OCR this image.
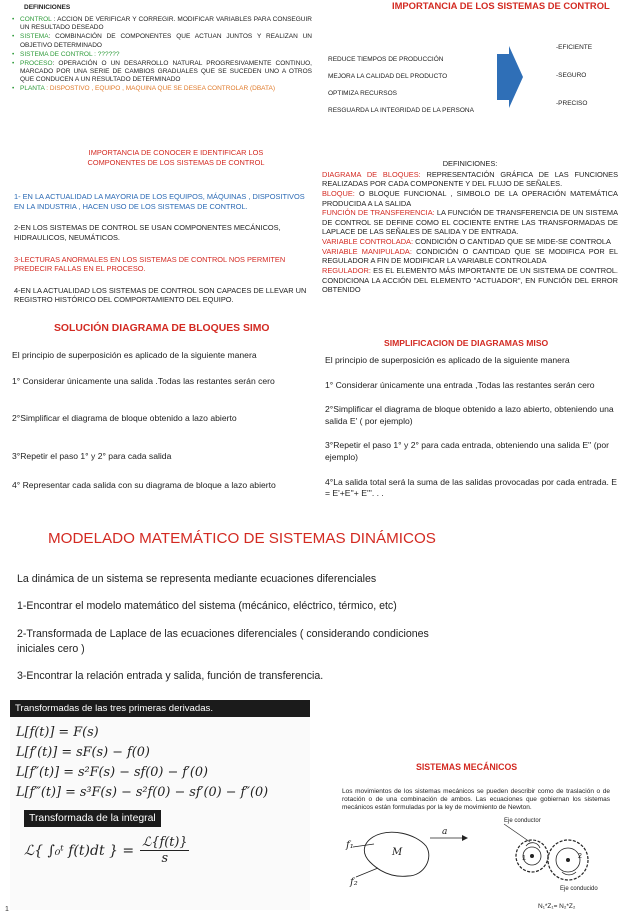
DEFINICIONES
• CONTROL : ACCION DE VERIFICAR Y CORREGIR. MODIFICAR VARIABLES PARA CONSEGUIR UN RESULTADO DESEADO
• SISTEMA: COMBINACIÓN DE COMPONENTES QUE ACTUAN JUNTOS Y REALIZAN UN OBJETIVO DETERMINADO
• SISTEMA DE CONTROL : ??????
• PROCESO: OPERACIÓN O UN DESARROLLO NATURAL PROGRESIVAMENTE CONTINUO, MARCADO POR UNA SERIE DE CAMBIOS GRADUALES QUE SE SUCEDEN UNO A OTROS QUE CONDUCEN A UN RESULTADO DETERMINADO
• PLANTA : DISPOSTIVO , EQUIPO , MAQUINA QUE SE DESEA CONTROLAR (DBATA)
IMPORTANCIA DE LOS SISTEMAS DE CONTROL
REDUCE TIEMPOS DE PRODUCCIÓN
MEJORA LA CALIDAD DEL PRODUCTO
OPTIMIZA RECURSOS
RESGUARDA LA INTEGRIDAD DE LA PERSONA
-EFICIENTE
-SEGURO
-PRECISO
IMPORTANCIA DE CONOCER E IDENTIFICAR LOS COMPONENTES DE LOS SISTEMAS DE CONTROL
1- EN LA ACTUALIDAD LA MAYORIA DE LOS EQUIPOS, MÁQUINAS , DISPOSITIVOS EN LA INDUSTRIA , HACEN USO DE LOS SISTEMAS DE CONTROL.
2-EN LOS SISTEMAS DE CONTROL SE USAN COMPONENTES MECÁNICOS, HIDRAULICOS, NEUMÁTICOS.
3-LECTURAS ANORMALES EN LOS SISTEMAS DE CONTROL NOS PERMITEN PREDECIR FALLAS EN EL PROCESO.
4-EN LA ACTUALIDAD LOS SISTEMAS DE CONTROL SON CAPACES DE LLEVAR UN REGISTRO HISTÓRICO DEL COMPORTAMIENTO DEL EQUIPO.
DEFINICIONES:
DIAGRAMA DE BLOQUES: REPRESENTACIÓN GRÁFICA DE LAS FUNCIONES REALIZADAS POR CADA COMPONENTE Y DEL FLUJO DE SEÑALES.
BLOQUE: O BLOQUE FUNCIONAL , SIMBOLO DE LA OPERACIÓN MATEMÁTICA PRODUCIDA A LA SALIDA
FUNCIÓN DE TRANSFERENCIA: LA FUNCIÓN DE TRANSFERENCIA DE UN SISTEMA DE CONTROL SE DEFINE COMO EL COCIENTE ENTRE LAS TRANSFORMADAS DE LAPLACE DE LAS SEÑALES DE SALIDA Y DE ENTRADA.
VARIABLE CONTROLADA: CONDICIÓN O CANTIDAD QUE SE MIDE-SE CONTROLA
VARIABLE MANIPULADA: CONDICIÓN O CANTIDAD QUE SE MODIFICA POR EL REGULADOR A FIN DE MODIFICAR LA VARIABLE CONTROLADA
REGULADOR: ES EL ELEMENTO MÁS IMPORTANTE DE UN SISTEMA DE CONTROL. CONDICIONA LA ACCIÓN DEL ELEMENTO "ACTUADOR", EN FUNCIÓN DEL ERROR OBTENIDO
SOLUCIÓN DIAGRAMA DE BLOQUES SIMO
El principio de superposición es aplicado de la siguiente manera
1° Considerar únicamente una salida .Todas las restantes serán cero
2°Simplificar el diagrama de bloque obtenido a lazo abierto
3°Repetir el paso 1° y 2° para cada salida
4° Representar cada salida con su diagrama de bloque a lazo abierto
SIMPLIFICACION DE DIAGRAMAS MISO
El principio de superposición es aplicado de la siguiente manera
1° Considerar únicamente una entrada ,Todas las restantes serán cero
2°Simplificar el diagrama de bloque obtenido a lazo abierto, obteniendo una salida E' ( por ejemplo)
3°Repetir el paso 1° y 2° para cada entrada, obteniendo una salida E'' (por ejemplo)
4°La salida total será la suma de las salidas provocadas por cada entrada. E = E'+E''+ E'''. . .
MODELADO MATEMÁTICO DE SISTEMAS DINÁMICOS
La dinámica de un sistema se representa mediante ecuaciones diferenciales
1-Encontrar el modelo matemático del sistema (mécánico, eléctrico, térmico, etc)
2-Transformada de Laplace de las ecuaciones diferenciales ( considerando condiciones iniciales cero )
3-Encontrar la relación entrada y salida, función de transferencia.
Transformadas de las tres primeras derivadas.
L[f(t)] = F(s)
L[f′(t)] = sF(s) − f(0)
L[f″(t)] = s²F(s) − sf(0) − f′(0)
L[f‴(t)] = s³F(s) − s²f(0) − sf′(0) − f″(0)
Transformada de la integral
ℒ{ ∫₀ᵗ f(t)dt } = ℒ{f(t)}
s
SISTEMAS MECÁNICOS
Los movimientos de los sistemas mecánicos se pueden describir como de traslación o de rotación o de una combinación de ambos. Las ecuaciones que gobiernan los sistemas mecánicos están formuladas por la ley de movimiento de Newton.
f₁
f₂
M
a
Eje conductor
1	2
Eje conducido
N₁*Z₁= N₂*Z₂
1
